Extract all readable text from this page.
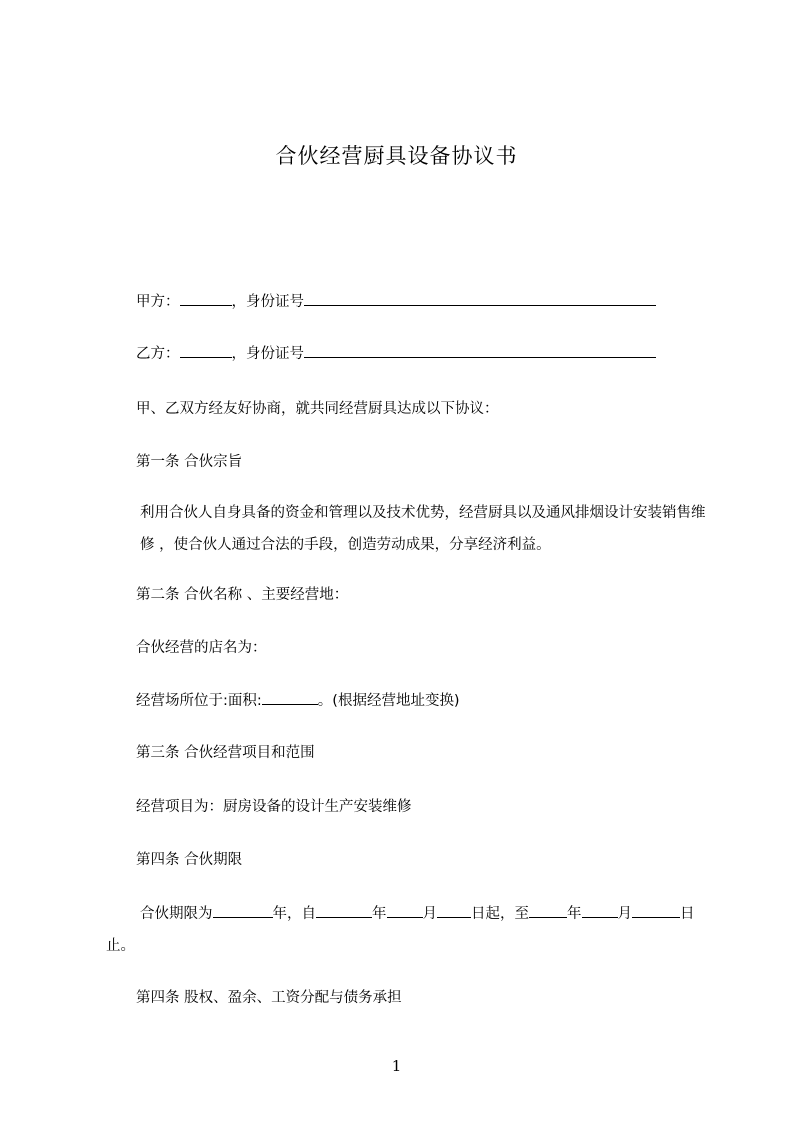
合伙经营厨具设备协议书
甲方：	，身份证号
乙方：	，身份证号
甲、乙双方经友好协商，就共同经营厨具达成以下协议：
第一条 合伙宗旨
利用合伙人自身具备的资金和管理以及技术优势，经营厨具以及通风排烟设计安装销售维修 ，使合伙人通过合法的手段，创造劳动成果，分享经济利益。
第二条 合伙名称 、主要经营地：
合伙经营的店名为：
经营场所位于:面积:	。(根据经营地址变换)
第三条 合伙经营项目和范围
经营项目为：厨房设备的设计生产安装维修
第四条 合伙期限
合伙期限为	年，自	年 月 日起，至	年 月	日
止。
第四条 股权、盈余、工资分配与债务承担
1
